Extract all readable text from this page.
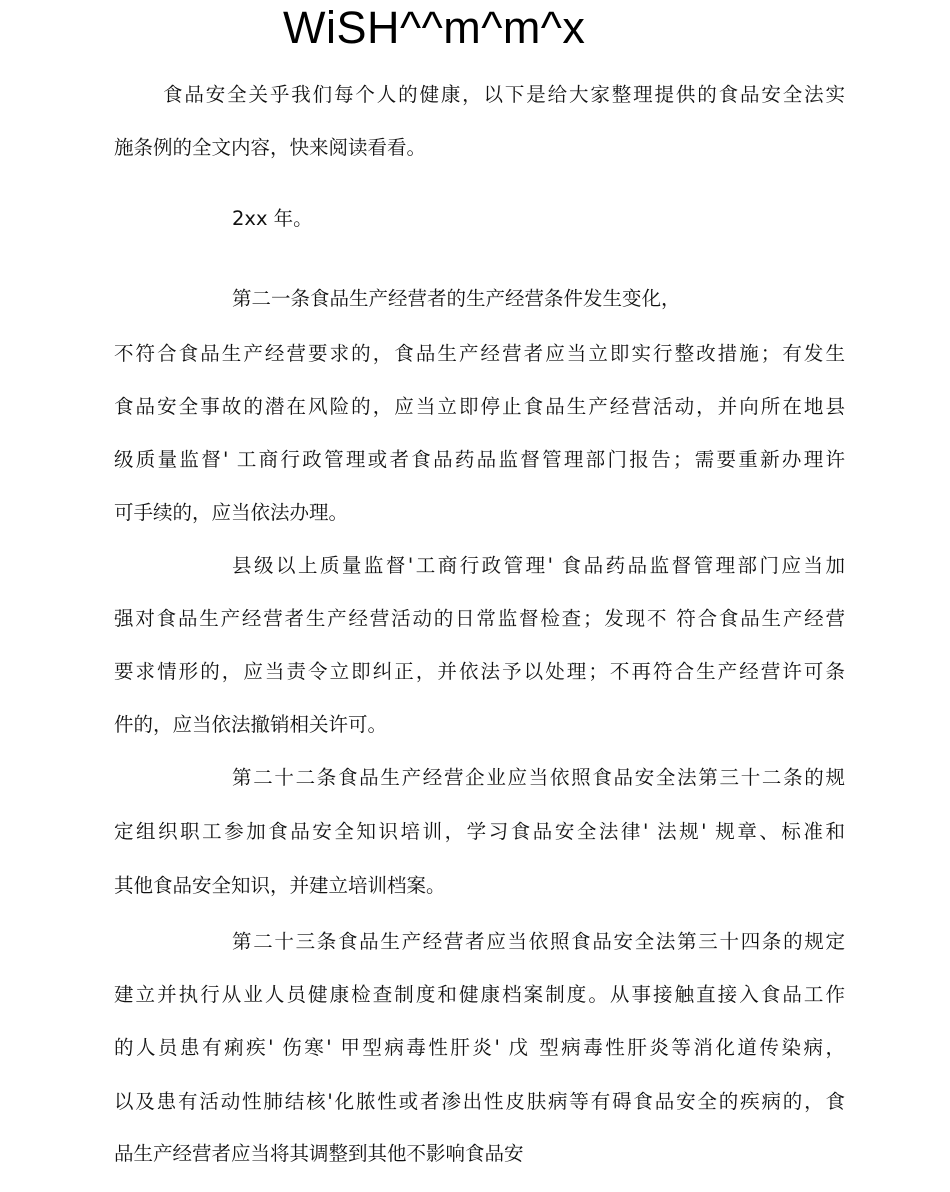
WiSH^^m^m^x
食品安全关乎我们每个人的健康，以下是给大家整理提供的食品安全法实
施条例的全文内容，快来阅读看看。
2xx 年。
第二一条食品生产经营者的生产经营条件发生变化，
不符合食品生产经营要求的，食品生产经营者应当立即实行整改措施；有发生
食品安全事故的潜在风险的，应当立即停止食品生产经营活动，并向所在地县
级质量监督' 工商行政管理或者食品药品监督管理部门报告；需要重新办理许
可手续的，应当依法办理。
县级以上质量监督'工商行政管理' 食品药品监督管理部门应当加
强对食品生产经营者生产经营活动的日常监督检查；发现不 符合食品生产经营
要求情形的，应当责令立即纠正，并依法予以处理；不再符合生产经营许可条
件的，应当依法撤销相关许可。
第二十二条食品生产经营企业应当依照食品安全法第三十二条的规
定组织职工参加食品安全知识培训，学习食品安全法律' 法规' 规章、标准和
其他食品安全知识，并建立培训档案。
第二十三条食品生产经营者应当依照食品安全法第三十四条的规定
建立并执行从业人员健康检查制度和健康档案制度。从事接触直接入食品工作
的人员患有痢疾' 伤寒' 甲型病毒性肝炎' 戊 型病毒性肝炎等消化道传染病，
以及患有活动性肺结核'化脓性或者渗出性皮肤病等有碍食品安全的疾病的，食
品生产经营者应当将其调整到其他不影响食品安
